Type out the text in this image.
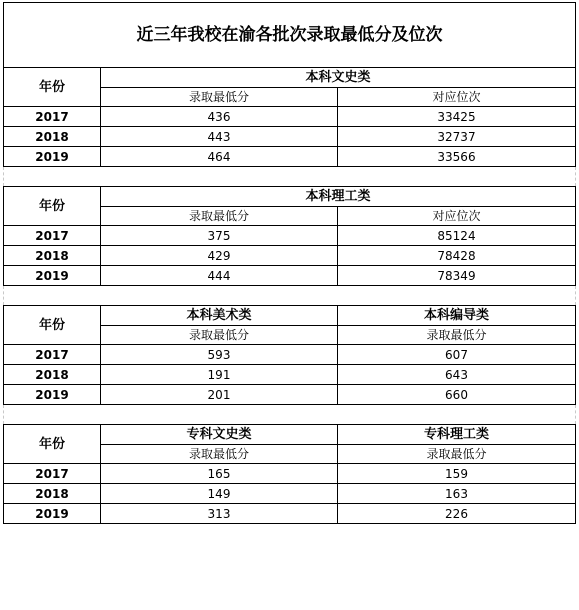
近三年我校在渝各批次录取最低分及位次		
年份	本科文史类	
	录取最低分	对应位次
2017	436	33425
2018	443	32737
2019	464	33566

年份	本科理工类	
	录取最低分	对应位次
2017	375	85124
2018	429	78428
2019	444	78349

年份	本科美术类	本科编导类
	录取最低分	录取最低分
2017	593	607
2018	191	643
2019	201	660

年份	专科文史类	专科理工类
	录取最低分	录取最低分
2017	165	159
2018	149	163
2019	313	226
